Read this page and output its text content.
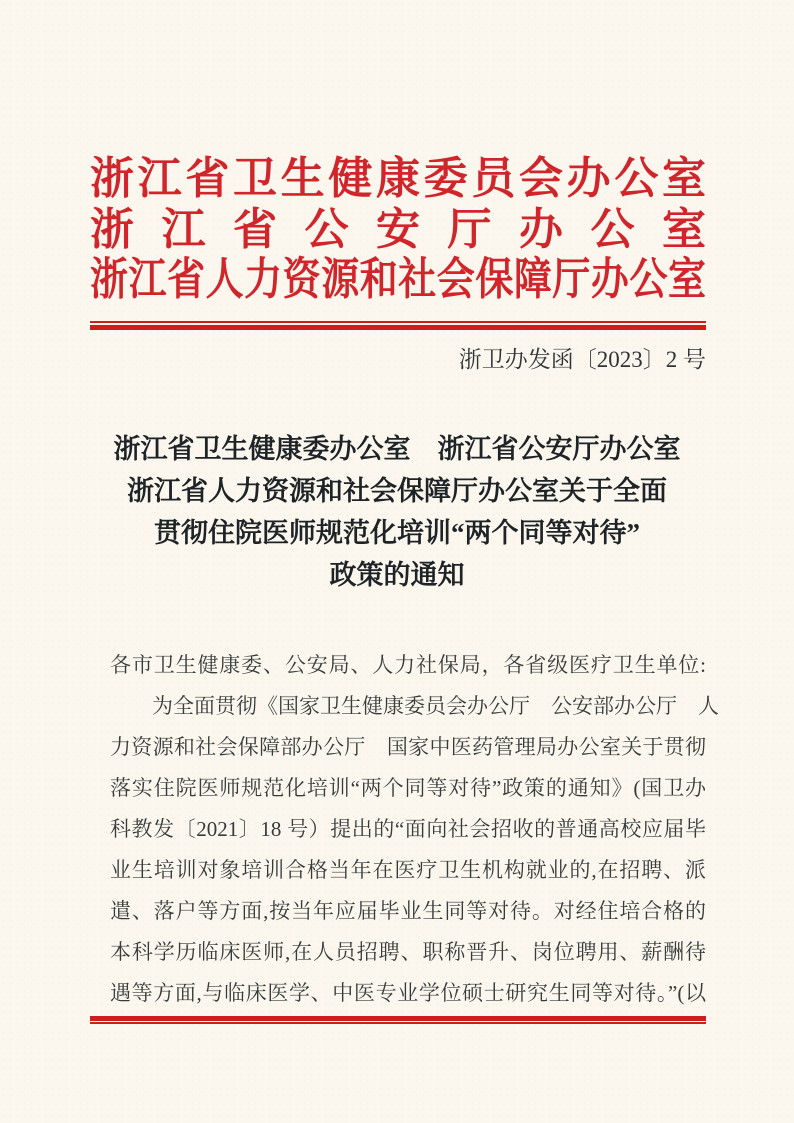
浙江省卫生健康委员会办公室
浙江省公安厅办公室
浙江省人力资源和社会保障厅办公室
浙卫办发函〔2023〕2 号
浙江省卫生健康委办公室　浙江省公安厅办公室
浙江省人力资源和社会保障厅办公室关于全面
贯彻住院医师规范化培训“两个同等对待”
政策的通知
各市卫生健康委、公安局、人力社保局，各省级医疗卫生单位:
为全面贯彻《国家卫生健康委员会办公厅　公安部办公厅　人
力资源和社会保障部办公厅　国家中医药管理局办公室关于贯彻
落实住院医师规范化培训“两个同等对待”政策的通知》(国卫办
科教发〔2021〕18 号）提出的“面向社会招收的普通高校应届毕
业生培训对象培训合格当年在医疗卫生机构就业的,在招聘、派
遣、落户等方面,按当年应届毕业生同等对待。对经住培合格的
本科学历临床医师,在人员招聘、职称晋升、岗位聘用、薪酬待
遇等方面,与临床医学、中医专业学位硕士研究生同等对待。”(以
